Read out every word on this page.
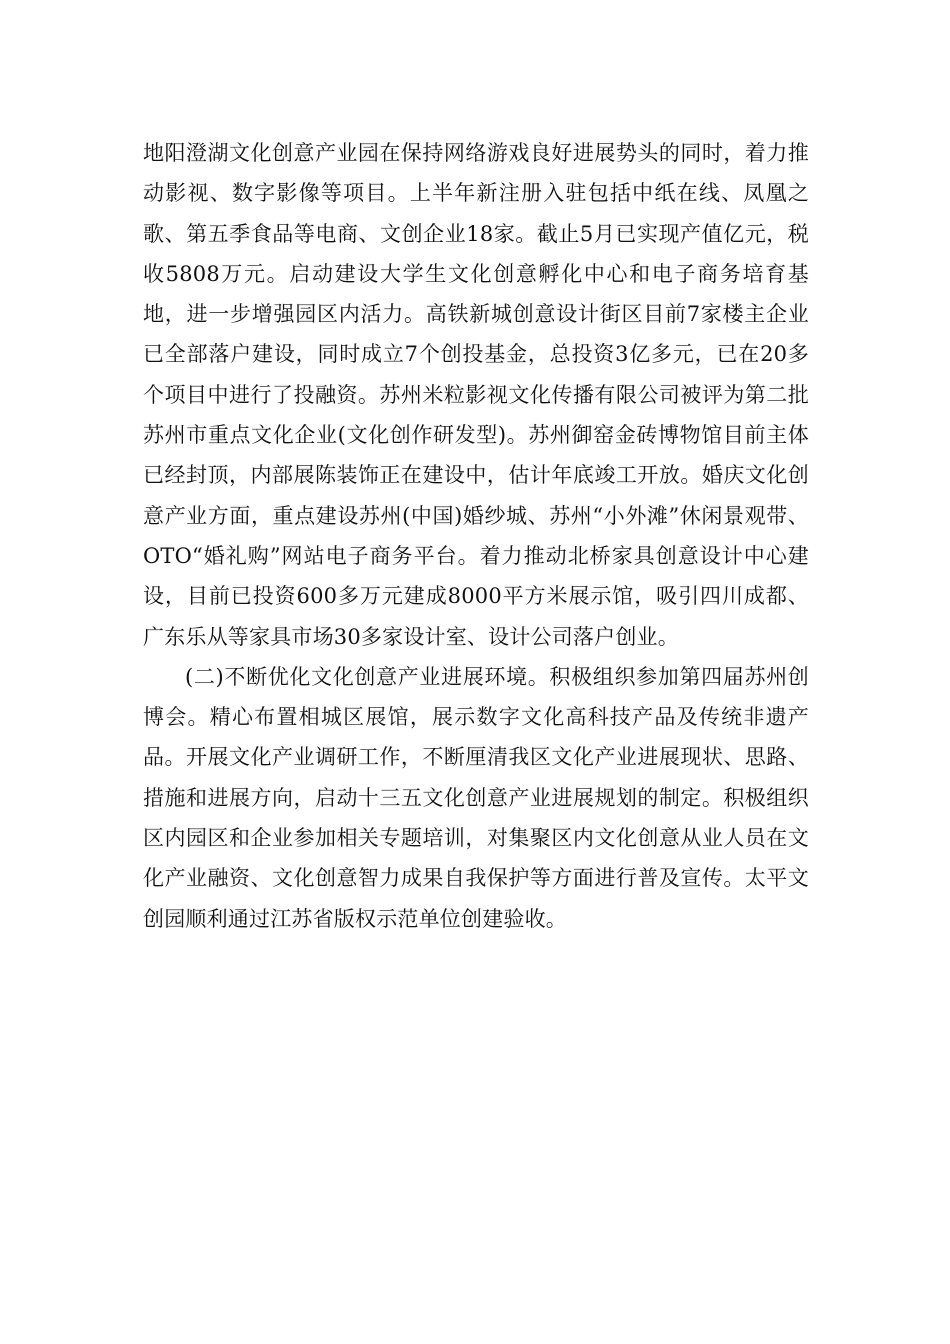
地阳澄湖文化创意产业园在保持网络游戏良好进展势头的同时，着力推动影视、数字影像等项目。上半年新注册入驻包括中纸在线、凤凰之歌、第五季食品等电商、文创企业18家。截止5月已实现产值亿元，税收5808万元。启动建设大学生文化创意孵化中心和电子商务培育基地，进一步增强园区内活力。高铁新城创意设计街区目前7家楼主企业已全部落户建设，同时成立7个创投基金，总投资3亿多元，已在20多个项目中进行了投融资。苏州米粒影视文化传播有限公司被评为第二批苏州市重点文化企业(文化创作研发型)。苏州御窑金砖博物馆目前主体已经封顶，内部展陈装饰正在建设中，估计年底竣工开放。婚庆文化创意产业方面，重点建设苏州(中国)婚纱城、苏州“小外滩”休闲景观带、OTO“婚礼购”网站电子商务平台。着力推动北桥家具创意设计中心建设，目前已投资600多万元建成8000平方米展示馆，吸引四川成都、广东乐从等家具市场30多家设计室、设计公司落户创业。

(二)不断优化文化创意产业进展环境。积极组织参加第四届苏州创博会。精心布置相城区展馆，展示数字文化高科技产品及传统非遗产品。开展文化产业调研工作，不断厘清我区文化产业进展现状、思路、措施和进展方向，启动十三五文化创意产业进展规划的制定。积极组织区内园区和企业参加相关专题培训，对集聚区内文化创意从业人员在文化产业融资、文化创意智力成果自我保护等方面进行普及宣传。太平文创园顺利通过江苏省版权示范单位创建验收。
